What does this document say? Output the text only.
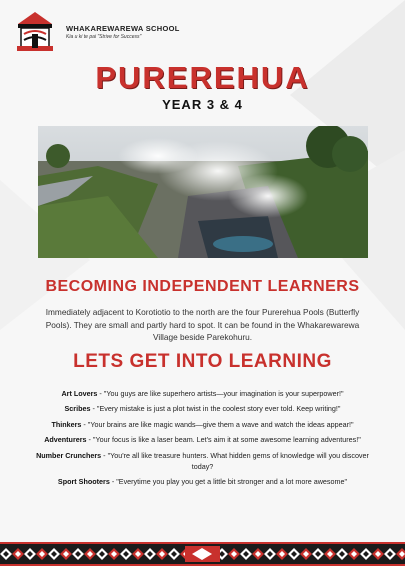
WHAKAREWAREWA SCHOOL
Kia u ki te pai "Strive for Success"
PUREREHUA
YEAR 3 & 4
BECOMING INDEPENDENT LEARNERS
Immediately adjacent to Korotiotio to the north are the four Purerehua Pools (Butterfly Pools). They are small and partly hard to spot. It can be found in the Whakarewarewa Village beside Parekohuru.
LETS GET INTO LEARNING
Art Lovers - "You guys are like superhero artists—your imagination is your superpower!"
Scribes - "Every mistake is just a plot twist in the coolest story ever told. Keep writing!"
Thinkers - "Your brains are like magic wands—give them a wave and watch the ideas appear!"
Adventurers - "Your focus is like a laser beam. Let's aim it at some awesome learning adventures!"
Number Crunchers - "You're all like treasure hunters. What hidden gems of knowledge will you discover today?
Sport Shooters - "Everytime you play you get a little bit stronger and a lot more awesome"
